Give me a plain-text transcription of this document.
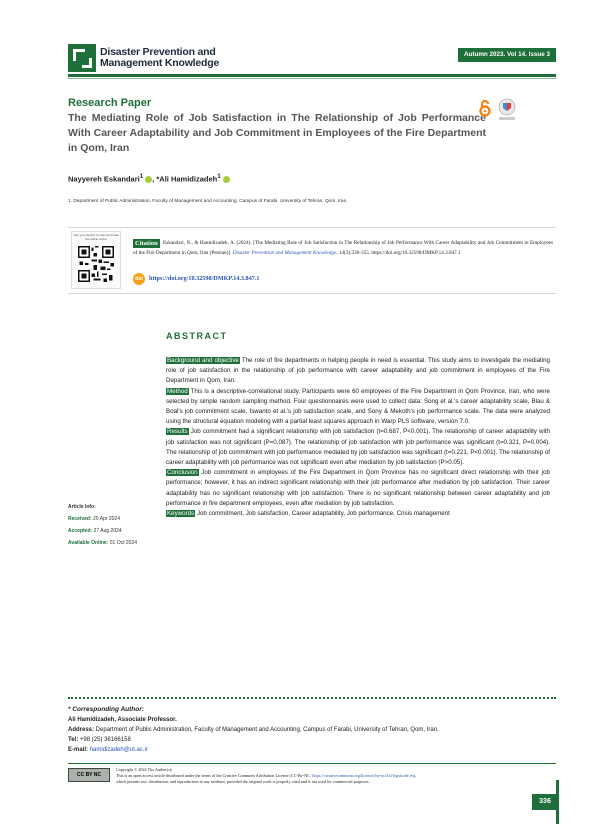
Disaster Prevention and
Management Knowledge
Autumn 2023. Vol 14. Issue 3
Research Paper
The Mediating Role of Job Satisfaction in The Relationship of Job Performance With Career Adaptability and Job Commitment in Employees of the Fire Department in Qom, Iran
Nayyereh Eskandari$^1$ , *Ali Hamidizadeh$^1$
1. Department of Public Administration, Faculty of Management and Accounting, Campus of Farabi, University of Tehran, Qom, Iran.
Use your device to scan and read the article online
Eskandari, N., & Hamidizadeh, A. (2024). [The Mediating Role of Job Satisfaction in The Relationship of Job Performance With Career Adaptability and Job Commitment in Employees of the Fire Department in Qom, Iran (Persian)]. Disaster Prevention and Management Knowledge, 14(3):336-355. https://doi.org/10.32598/DMKP.14.3.847.1
Citation
doi	https://doi.org/10.32598/DMKP.14.3.847.1
Article Info:
Received: 20 Apr 2024
Accepted: 27 Aug 2024
Available Online: 01 Oct 2024
ABSTRACT
Background and objective The role of fire departments in helping people in need is essential. This study aims to investigate the mediating role of job satisfaction in the relationship of job performance with career adaptability and job commitment in employees of the Fire Department in Qom, Iran.
Method This is a descriptive-correlational study. Participants were 60 employees of the Fire Department in Qom Province, Iran, who were selected by simple random sampling method. Four questionnaires were used to collect data: Song et al.'s career adaptability scale, Blau & Boal's job commitment scale, Iswanto et al.'s job satisfaction scale, and Sony & Mekoth's job performance scale. The data were analyzed using the structural equation modeling with a partial least squares approach in Warp PLS software, version 7.0.
Results Job commitment had a significant relationship with job satisfaction (t=0.687, P<0.001). The relationship of career adaptability with job satisfaction was not significant (P=0.087). The relationship of job satisfaction with job performance was significant (t=0.321, P=0.004). The relationship of job commitment with job performance mediated by job satisfaction was significant (t=0.221, P<0.001). The relationship of career adaptability with job performance was not significant even after mediation by job satisfaction (P>0.05).
Conclusion Job commitment in employees of the Fire Department in Qom Province has no significant direct relationship with their job performance; however, it has an indirect significant relationship with their job performance after mediation by job satisfaction. Their career adaptability has no significant relationship with job satisfaction. There is no significant relationship between career adaptability and job performance in fire department employees, even after mediation by job satisfaction.
Keywords Job commitment, Job satisfaction, Career adaptability, Job performance, Crisis management
* Corresponding Author:
Ali Hamidizadeh, Associate Professor.
Address: Department of Public Administration, Faculty of Management and Accounting, Campus of Farabi, University of Tehran, Qom, Iran.
Tel: +98 (25) 36166158
E-mail: hamidizadeh@ut.ac.ir
CC BY NC
Copyright © 2024 The Author(s);
This is an open access article distributed under the terms of the Creative Commons Attribution License (CC-By-NC: https://creativecommons.org/licenses/by-nc/4.0/legalcode.en),
which permits use, distribution, and reproduction in any medium, provided the original work is properly cited and is not used for commercial purposes.
336
